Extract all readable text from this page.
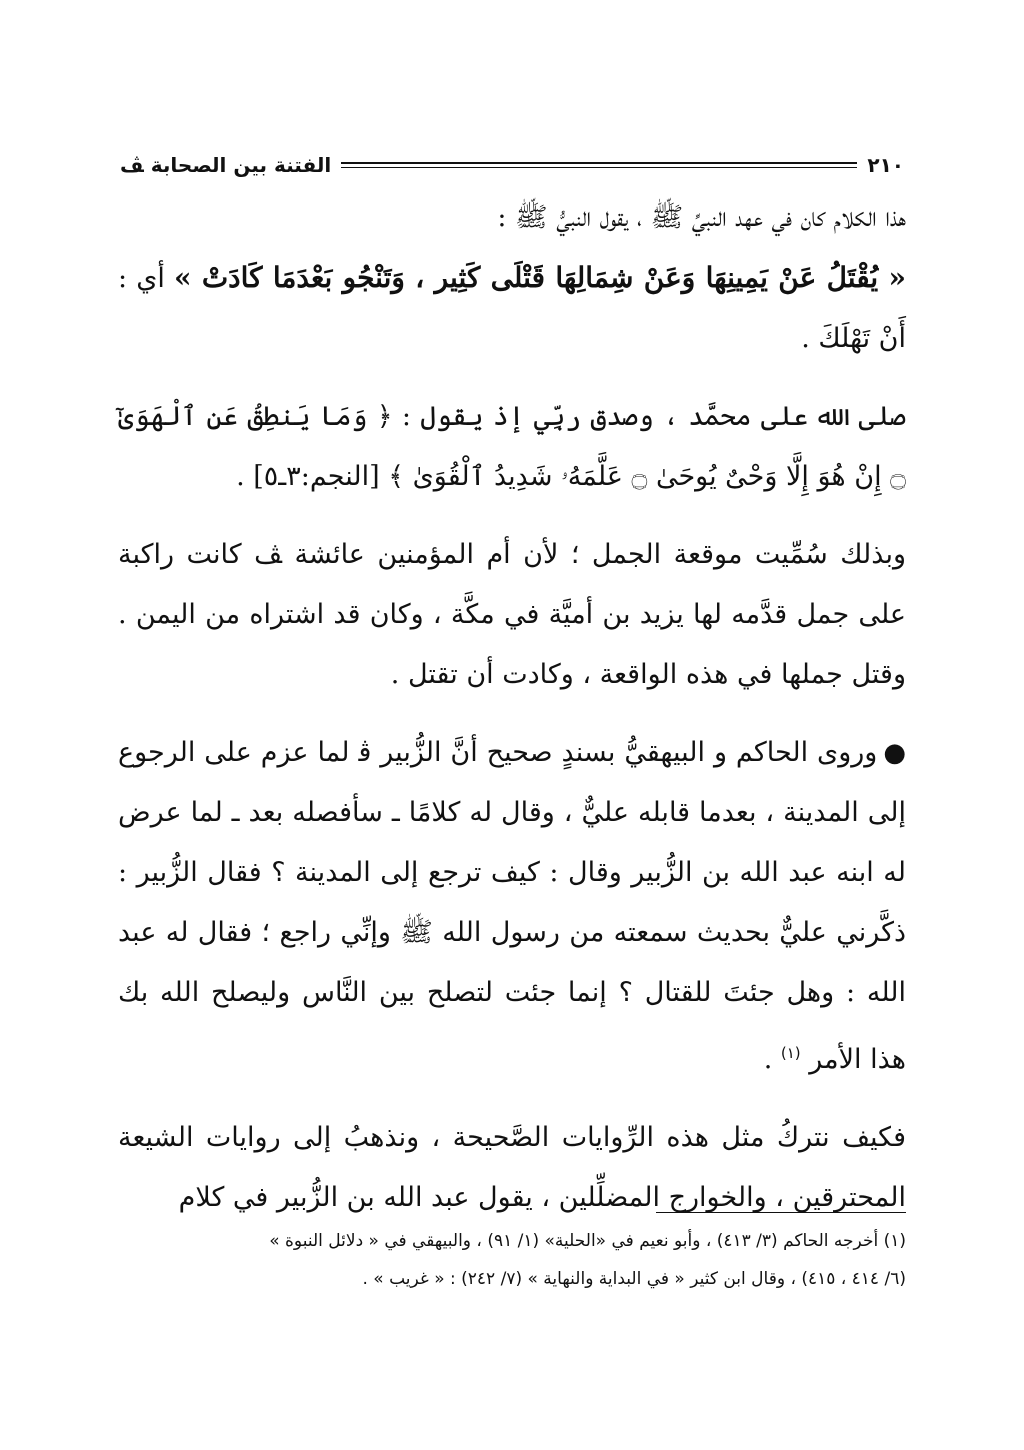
٢١٠
الفتنة بين الصحابة ﭫ

هذا الكلام كان في عهد النبيِّ ﷺ ، يقول النبيُّ ﷺ :

« يُقْتَلُ عَنْ يَمِينِهَا وَعَنْ شِمَالِهَا قَتْلَى كَثِير ، وَتَنْجُو بَعْدَمَا كَادَتْ » أي : أَنْ تَهْلَكَ .

صلى الله على محمَّد ، وصدق ربِّي إذ يقول : ﴿ وَمَا يَنطِقُ عَنِ ٱلْهَوَىٰٓ ۝ إِنْ هُوَ إِلَّا وَحْىٌ يُوحَىٰ ۝ عَلَّمَهُۥ شَدِيدُ ٱلْقُوَىٰ ﴾ [النجم:٣ـ٥] .

وبذلك سُمِّيت موقعة الجمل ؛ لأن أم المؤمنين عائشة ﭫ كانت راكبة على جمل قدَّمه لها يزيد بن أميَّة في مكَّة ، وكان قد اشتراه من اليمن . وقتل جملها في هذه الواقعة ، وكادت أن تقتل .

●وروى الحاكم و البيهقيُّ بسندٍ صحيح أنَّ الزُّبير ﭬ لما عزم على الرجوع إلى المدينة ، بعدما قابله عليٌّ ، وقال له كلامًا ـ سأفصله بعد ـ لما عرض له ابنه عبد الله بن الزُّبير وقال : كيف ترجع إلى المدينة ؟ فقال الزُّبير : ذكَّرني عليٌّ بحديث سمعته من رسول الله ﷺ وإنِّي راجع ؛ فقال له عبد الله : وهل جئتَ للقتال ؟ إنما جئت لتصلح بين النَّاس وليصلح الله بك هذا الأمر $^{(١)}$ .

فكيف نتركُ مثل هذه الرِّوايات الصَّحيحة ، ونذهبُ إلى روايات الشيعة المحترقين ، والخوارج المضلِّلين ، يقول عبد الله بن الزُّبير في كلام

(١) أخرجه الحاكم (٣/ ٤١٣) ، وأبو نعيم في «الحلية» (١/ ٩١) ، والبيهقي في « دلائل النبوة »

(٦/ ٤١٤ ، ٤١٥) ، وقال ابن كثير « في البداية والنهاية » (٧/ ٢٤٢) : « غريب » .
